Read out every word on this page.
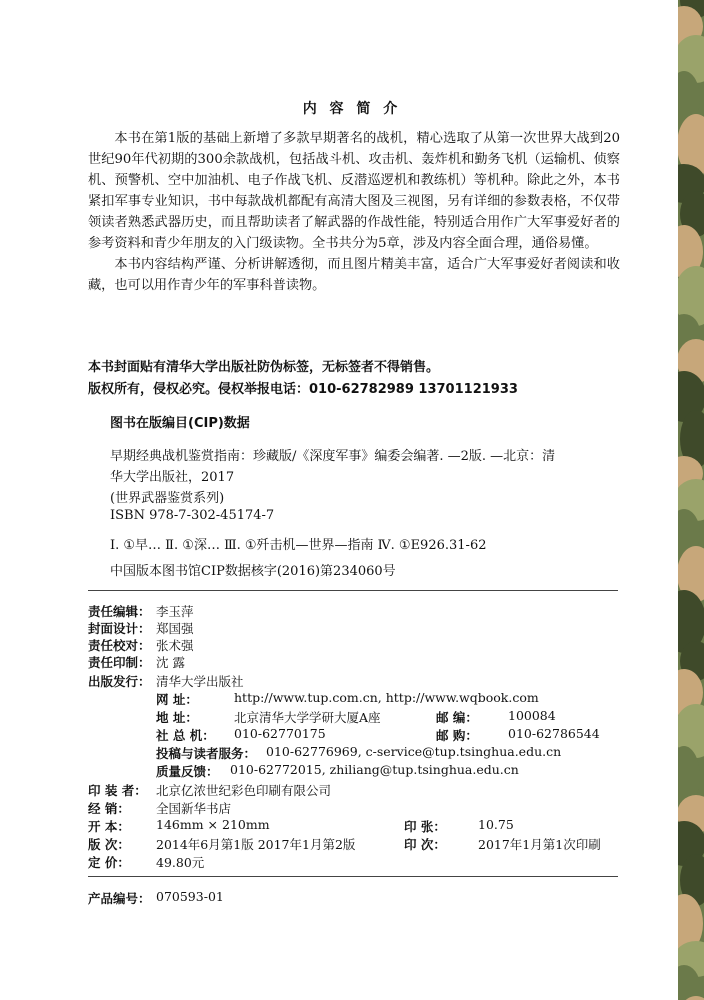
内 容 简 介

本书在第1版的基础上新增了多款早期著名的战机，精心选取了从第一次世界大战到20世纪90年代初期的300余款战机，包括战斗机、攻击机、轰炸机和勤务飞机（运输机、侦察机、预警机、空中加油机、电子作战飞机、反潜巡逻机和教练机）等机种。除此之外，本书紧扣军事专业知识，书中每款战机都配有高清大图及三视图，另有详细的参数表格，不仅带领读者熟悉武器历史，而且帮助读者了解武器的作战性能，特别适合用作广大军事爱好者的参考资料和青少年朋友的入门级读物。全书共分为5章，涉及内容全面合理，通俗易懂。

本书内容结构严谨、分析讲解透彻，而且图片精美丰富，适合广大军事爱好者阅读和收藏，也可以用作青少年的军事科普读物。

本书封面贴有清华大学出版社防伪标签，无标签者不得销售。
版权所有，侵权必究。侵权举报电话：010-62782989 13701121933
图书在版编目(CIP)数据
早期经典战机鉴赏指南：珍藏版/《深度军事》编委会编著. —2版. —北京：清
华大学出版社，2017
(世界武器鉴赏系列)
ISBN 978-7-302-45174-7
Ⅰ. ①早… Ⅱ. ①深… Ⅲ. ①歼击机—世界—指南 Ⅳ. ①E926.31-62
中国版本图书馆CIP数据核字(2016)第234060号
责任编辑： 李玉萍
封面设计： 郑国强
责任校对： 张术强
责任印制： 沈 露
出版发行： 清华大学出版社
网 址：	http://www.tup.com.cn, http://www.wqbook.com
地 址：	北京清华大学学研大厦A座	邮 编： 100084
社 总 机： 010-62770175	邮 购： 010-62786544
投稿与读者服务： 010-62776969, c-service@tup.tsinghua.edu.cn
质量反馈： 010-62772015, zhiliang@tup.tsinghua.edu.cn
印 装 者： 北京亿浓世纪彩色印刷有限公司
经 销： 全国新华书店
开 本： 146mm × 210mm	印 张：	10.75
版 次： 2014年6月第1版 2017年1月第2版	印 次：	2017年1月第1次印刷
定 价： 49.80元
产品编号： 070593-01
